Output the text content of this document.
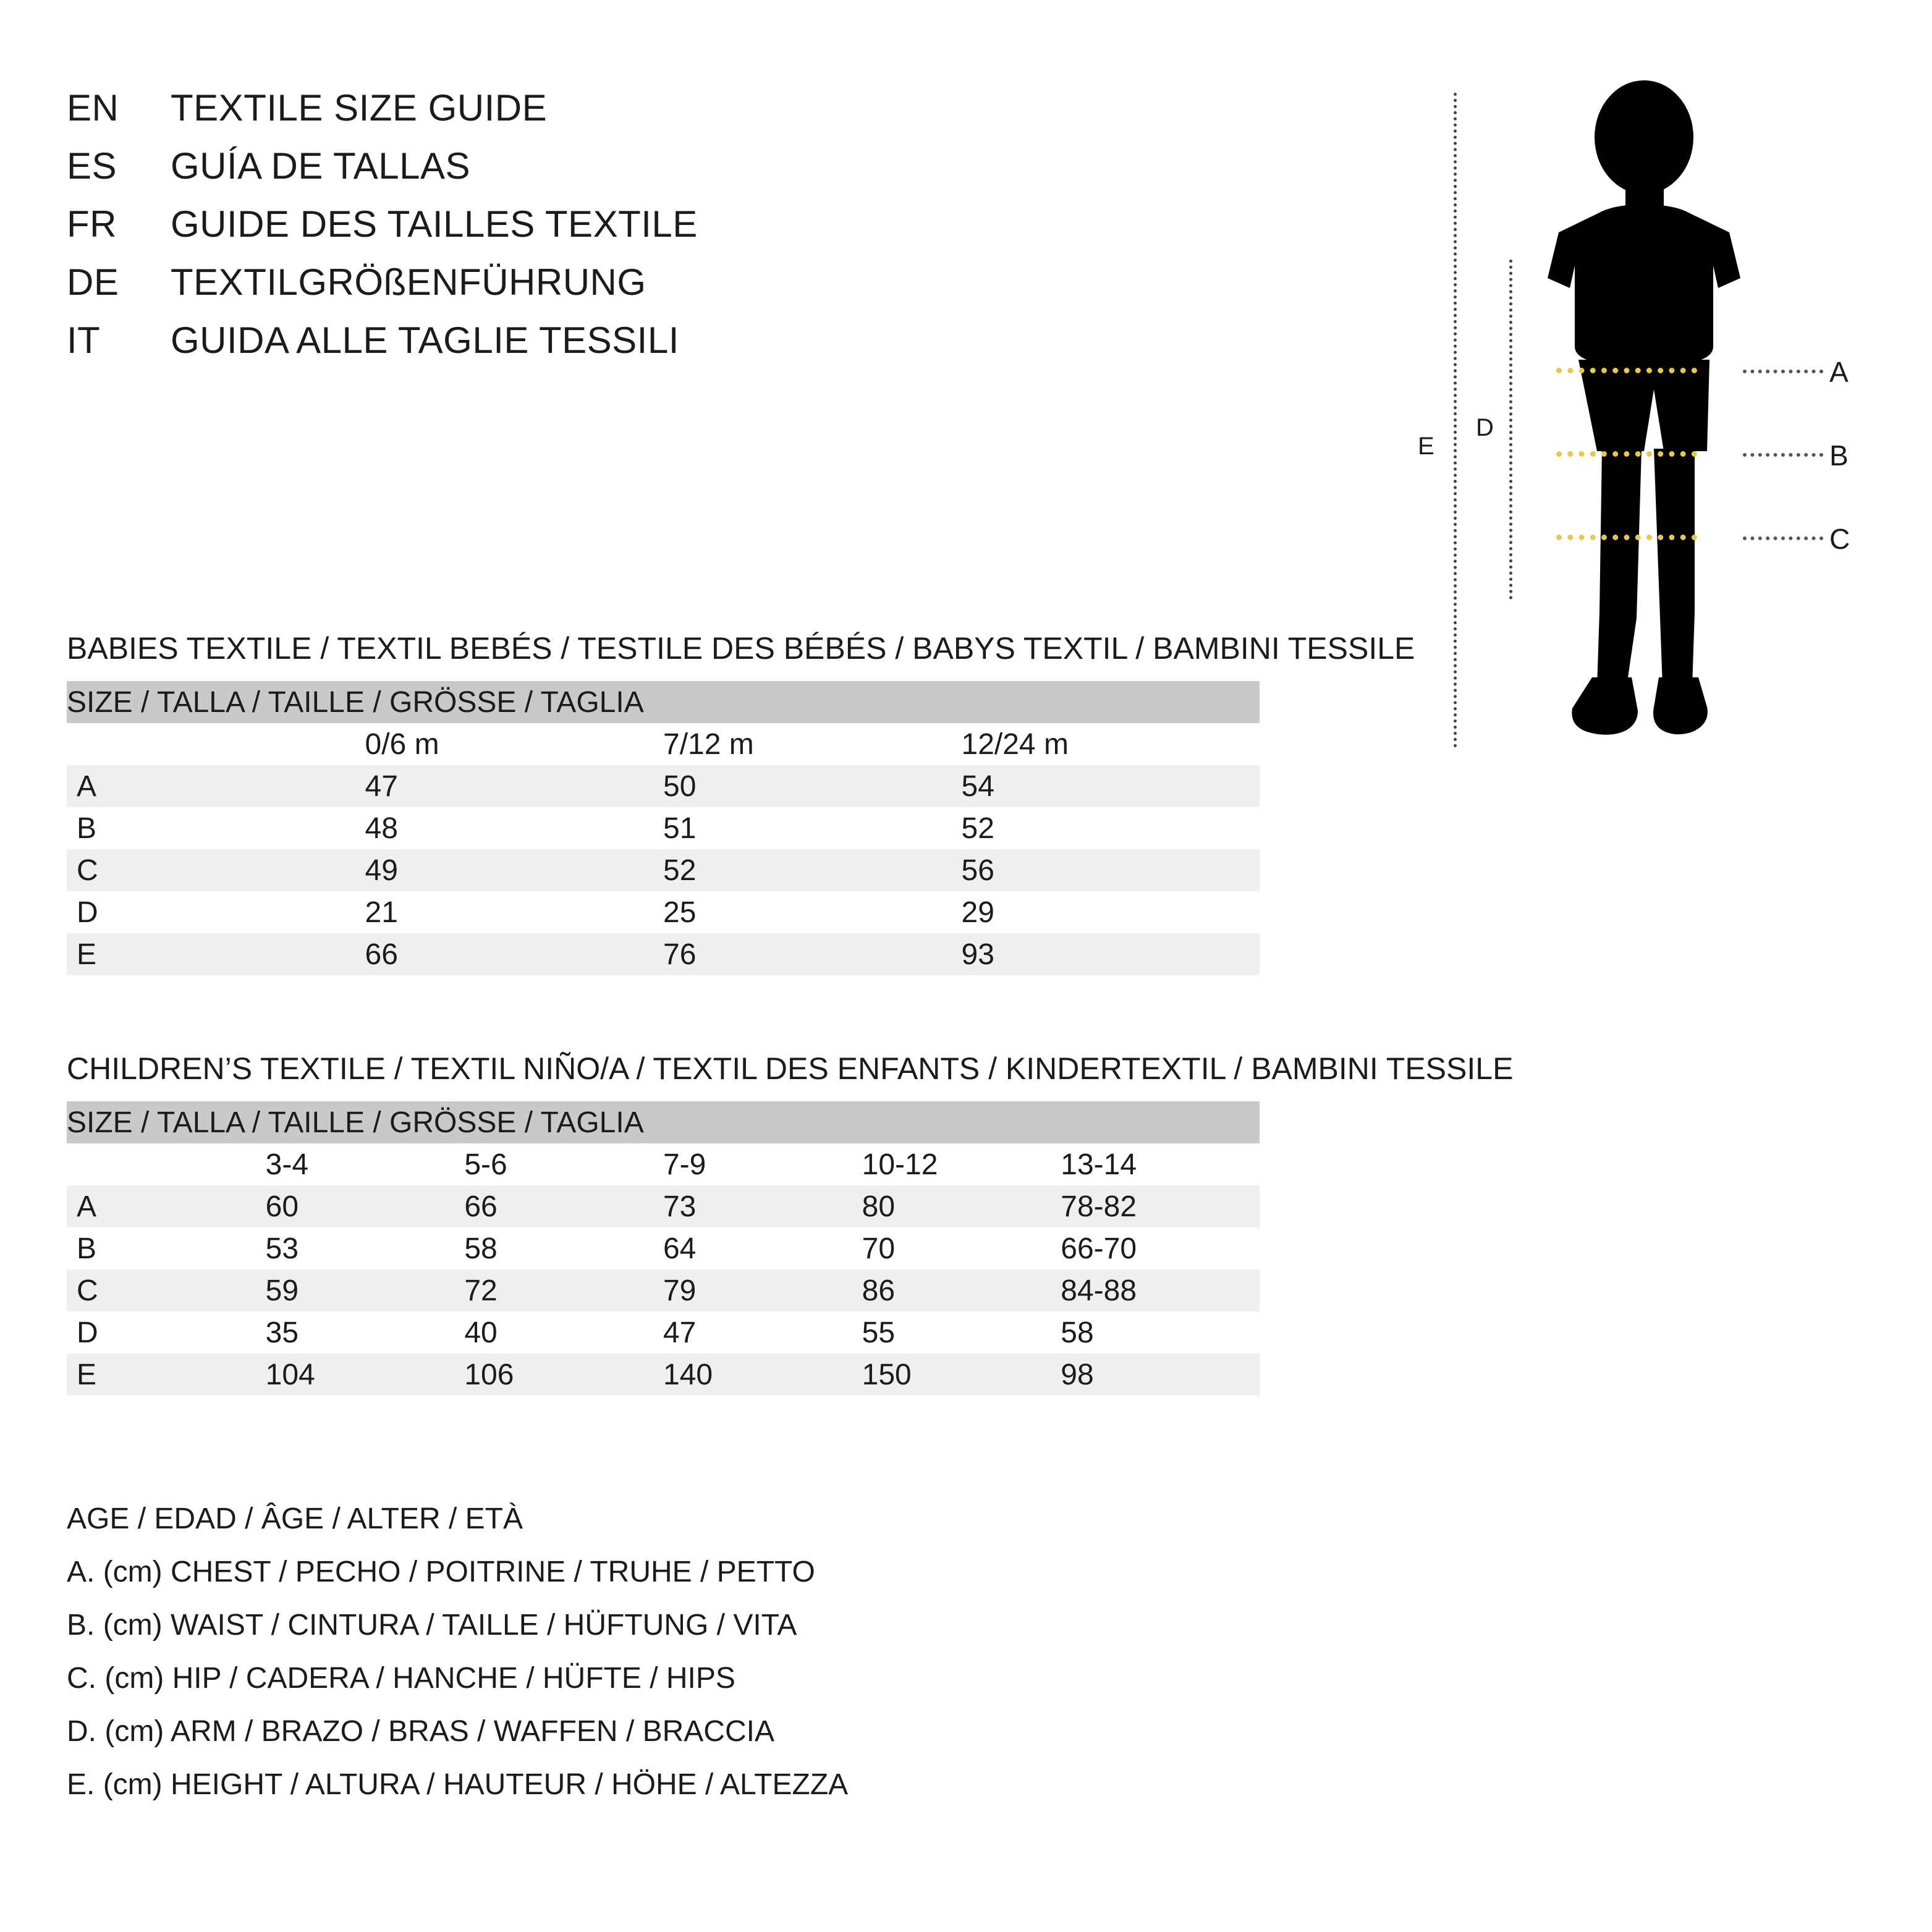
EN	TEXTILE SIZE GUIDE
ES	GUÍA DE TALLAS
FR	GUIDE DES TAILLES TEXTILE
DE	TEXTILGRÖßENFÜHRUNG
IT	GUIDA ALLE TAGLIE TESSILI
E
D
A
B
C
BABIES TEXTILE / TEXTIL BEBÉS / TESTILE DES BÉBÉS / BABYS TEXTIL / BAMBINI TESSILE
SIZE / TALLA / TAILLE / GRÖSSE / TAGLIA			
	0/6 m	7/12 m	12/24 m
A	47	50	54
B	48	51	52
C	49	52	56
D	21	25	29
E	66	76	93
CHILDREN’S TEXTILE / TEXTIL NIÑO/A / TEXTIL DES ENFANTS / KINDERTEXTIL / BAMBINI TESSILE
SIZE / TALLA / TAILLE / GRÖSSE / TAGLIA					
	3-4	5-6	7-9	10-12	13-14
A	60	66	73	80	78-82
B	53	58	64	70	66-70
C	59	72	79	86	84-88
D	35	40	47	55	58
E	104	106	140	150	98
AGE / EDAD / ÂGE / ALTER / ETÀ
A. (cm) CHEST / PECHO / POITRINE / TRUHE / PETTO
B. (cm) WAIST / CINTURA / TAILLE / HÜFTUNG / VITA
C. (cm) HIP / CADERA / HANCHE / HÜFTE / HIPS
D. (cm) ARM / BRAZO / BRAS / WAFFEN / BRACCIA
E. (cm) HEIGHT / ALTURA / HAUTEUR / HÖHE / ALTEZZA
